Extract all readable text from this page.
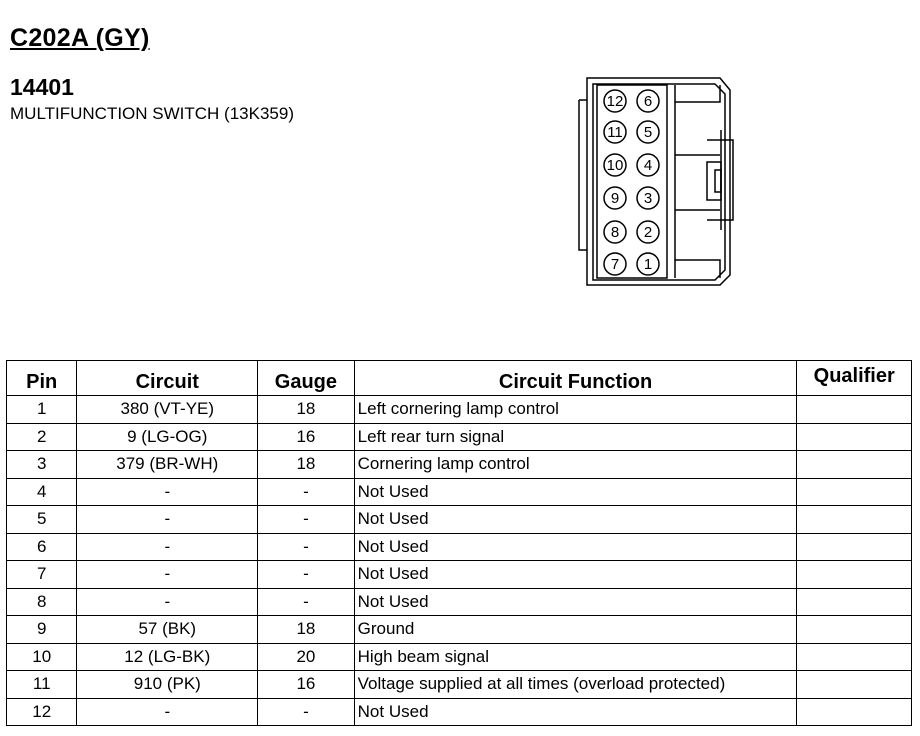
C202A (GY)
14401
MULTIFUNCTION SWITCH (13K359)
12
11
10
9
8
7
6
5
4
3
2
1
Pin	Circuit	Gauge	Circuit Function	Qualifier
1	380 (VT-YE)	18	Left cornering lamp control	
2	9 (LG-OG)	16	Left rear turn signal	
3	379 (BR-WH)	18	Cornering lamp control	
4	-	-	Not Used	
5	-	-	Not Used	
6	-	-	Not Used	
7	-	-	Not Used	
8	-	-	Not Used	
9	57 (BK)	18	Ground	
10	12 (LG-BK)	20	High beam signal	
11	910 (PK)	16	Voltage supplied at all times (overload protected)	
12	-	-	Not Used	
